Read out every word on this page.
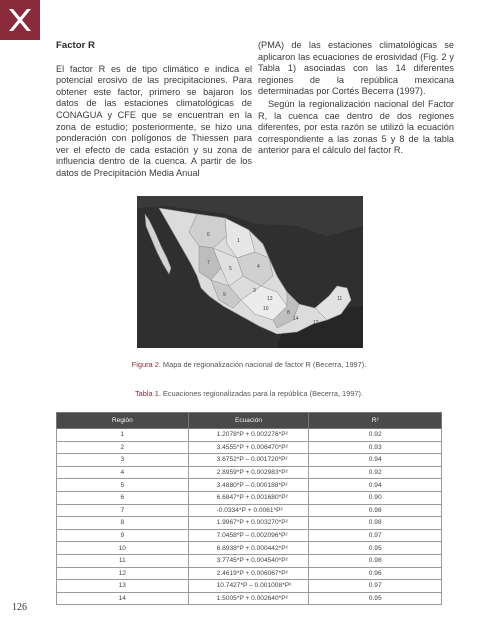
Factor R

El factor R es de tipo climático e indica el potencial erosivo de las precipitaciones. Para obtener este factor, primero se bajaron los datos de las estaciones climatológicas de CONAGUA y CFE que se encuentran en la zona de estudio; posteriormente, se hizo una ponderación con polígonos de Thiessen para ver el efecto de cada estación y su zona de influencia dentro de la cuenca. A partir de los datos de Precipitación Media Anual

(PMA) de las estaciones climatológicas se aplicaron las ecuaciones de erosividad (Fig. 2 y Tabla 1) asociadas con las 14 diferentes regiones de la república mexicana determinadas por Cortés Becerra (1997).

Según la regionalización nacional del Factor R, la cuenca cae dentro de dos regiones diferentes, por esta razón se utilizó la ecuación correspondiente a las zonas 5 y 8 de la tabla anterior para el cálculo del factor R.

6 1 7 5	4 9 3 13 10 8 14 12 11
Figura 2. Mapa de regionalización nacional de factor R (Becerra, 1997).
Tabla 1. Ecuaciones regionalizadas para la república (Becerra, 1997).
Región	Ecuación	R²
1	1.2078*P + 0.002276*P²	0.92
2	3.4555*P + 0.006470*P²	0.93
3	3.6752*P – 0.001720*P²	0.94
4	2.8959*P + 0.002983*P²	0.92
5	3.4880*P – 0.000188*P²	0.94
6	6.6847*P + 0.001680*P²	0.90
7	-0.0334*P + 0.0061*P²	0.98
8	1.9967*P + 0.003270*P²	0.98
9	7.0458*P – 0.002096*P²	0.97
10	6.8938*P + 0.000442*P²	0.95
11	3.7745*P + 0.004540*P²	0.98
12	2.4619*P + 0.006067*P²	0.96
13	10.7427*P – 0.001008*P²	0.97
14	1.5005*P + 0.002640*P²	0.95
126
